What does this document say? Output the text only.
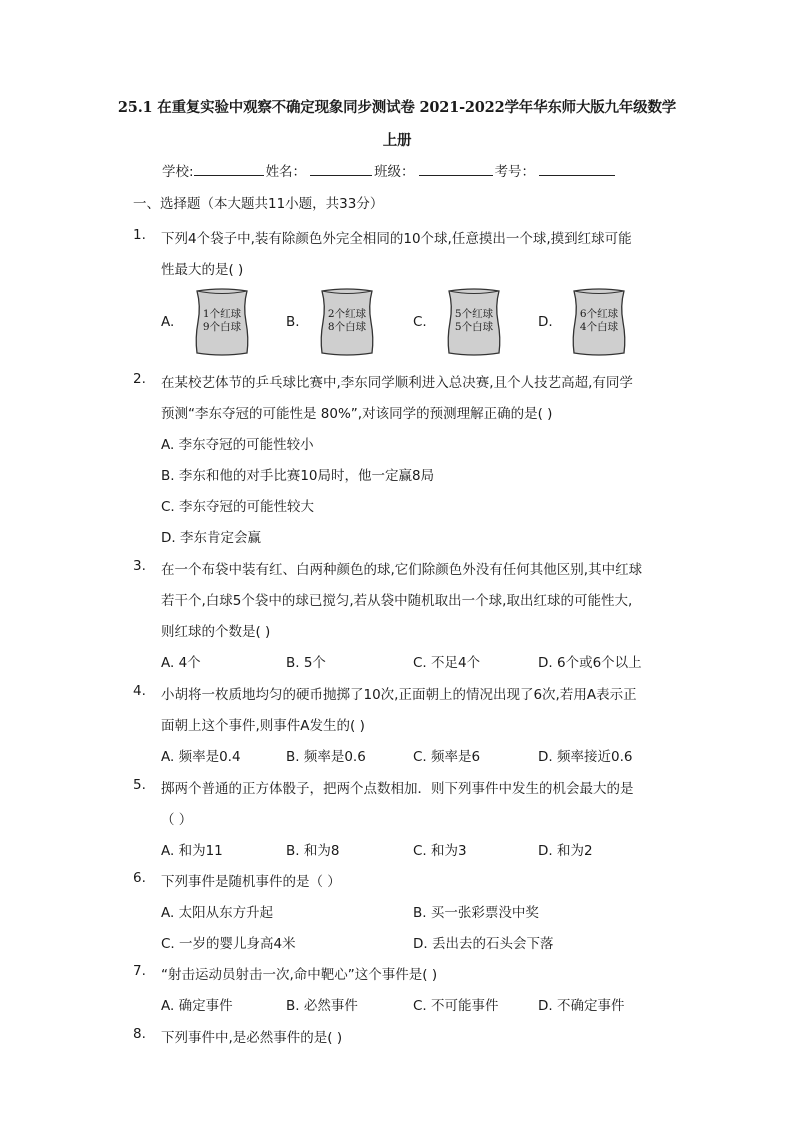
25.1 在重复实验中观察不确定现象同步测试卷 2021-2022学年华东师大版九年级数学
上册
学校:	姓名：	班级：	考号：
一、选择题（本大题共11小题，共33分）
1. 下列4个袋子中,装有除颜色外完全相同的10个球,任意摸出一个球,摸到红球可能
性最大的是( )
A.	1个红球
9个白球	B.	2个红球
8个白球	C.	5个红球
5个白球	D.	6个红球
4个白球
2. 在某校艺体节的乒乓球比赛中,李东同学顺利进入总决赛,且个人技艺高超,有同学
预测“李东夺冠的可能性是 80%”,对该同学的预测理解正确的是( )
A. 李东夺冠的可能性较小
B. 李东和他的对手比赛10局时，他一定赢8局
C. 李东夺冠的可能性较大
D. 李东肯定会赢
3. 在一个布袋中装有红、白两种颜色的球,它们除颜色外没有任何其他区别,其中红球
若干个,白球5个袋中的球已搅匀,若从袋中随机取出一个球,取出红球的可能性大,
则红球的个数是( )
A. 4个	B. 5个	C. 不足4个	D. 6个或6个以上
4. 小胡将一枚质地均匀的硬币抛掷了10次,正面朝上的情况出现了6次,若用A表示正
面朝上这个事件,则事件A发生的( )
A. 频率是0.4	B. 频率是0.6	C. 频率是6	D. 频率接近0.6
5. 掷两个普通的正方体骰子，把两个点数相加．则下列事件中发生的机会最大的是
（ ）
A. 和为11	B. 和为8	C. 和为3	D. 和为2
6. 下列事件是随机事件的是（ ）
A. 太阳从东方升起	B. 买一张彩票没中奖
C. 一岁的婴儿身高4米	D. 丢出去的石头会下落
7. “射击运动员射击一次,命中靶心”这个事件是( )
A. 确定事件	B. 必然事件	C. 不可能事件	D. 不确定事件
8. 下列事件中,是必然事件的是( )
